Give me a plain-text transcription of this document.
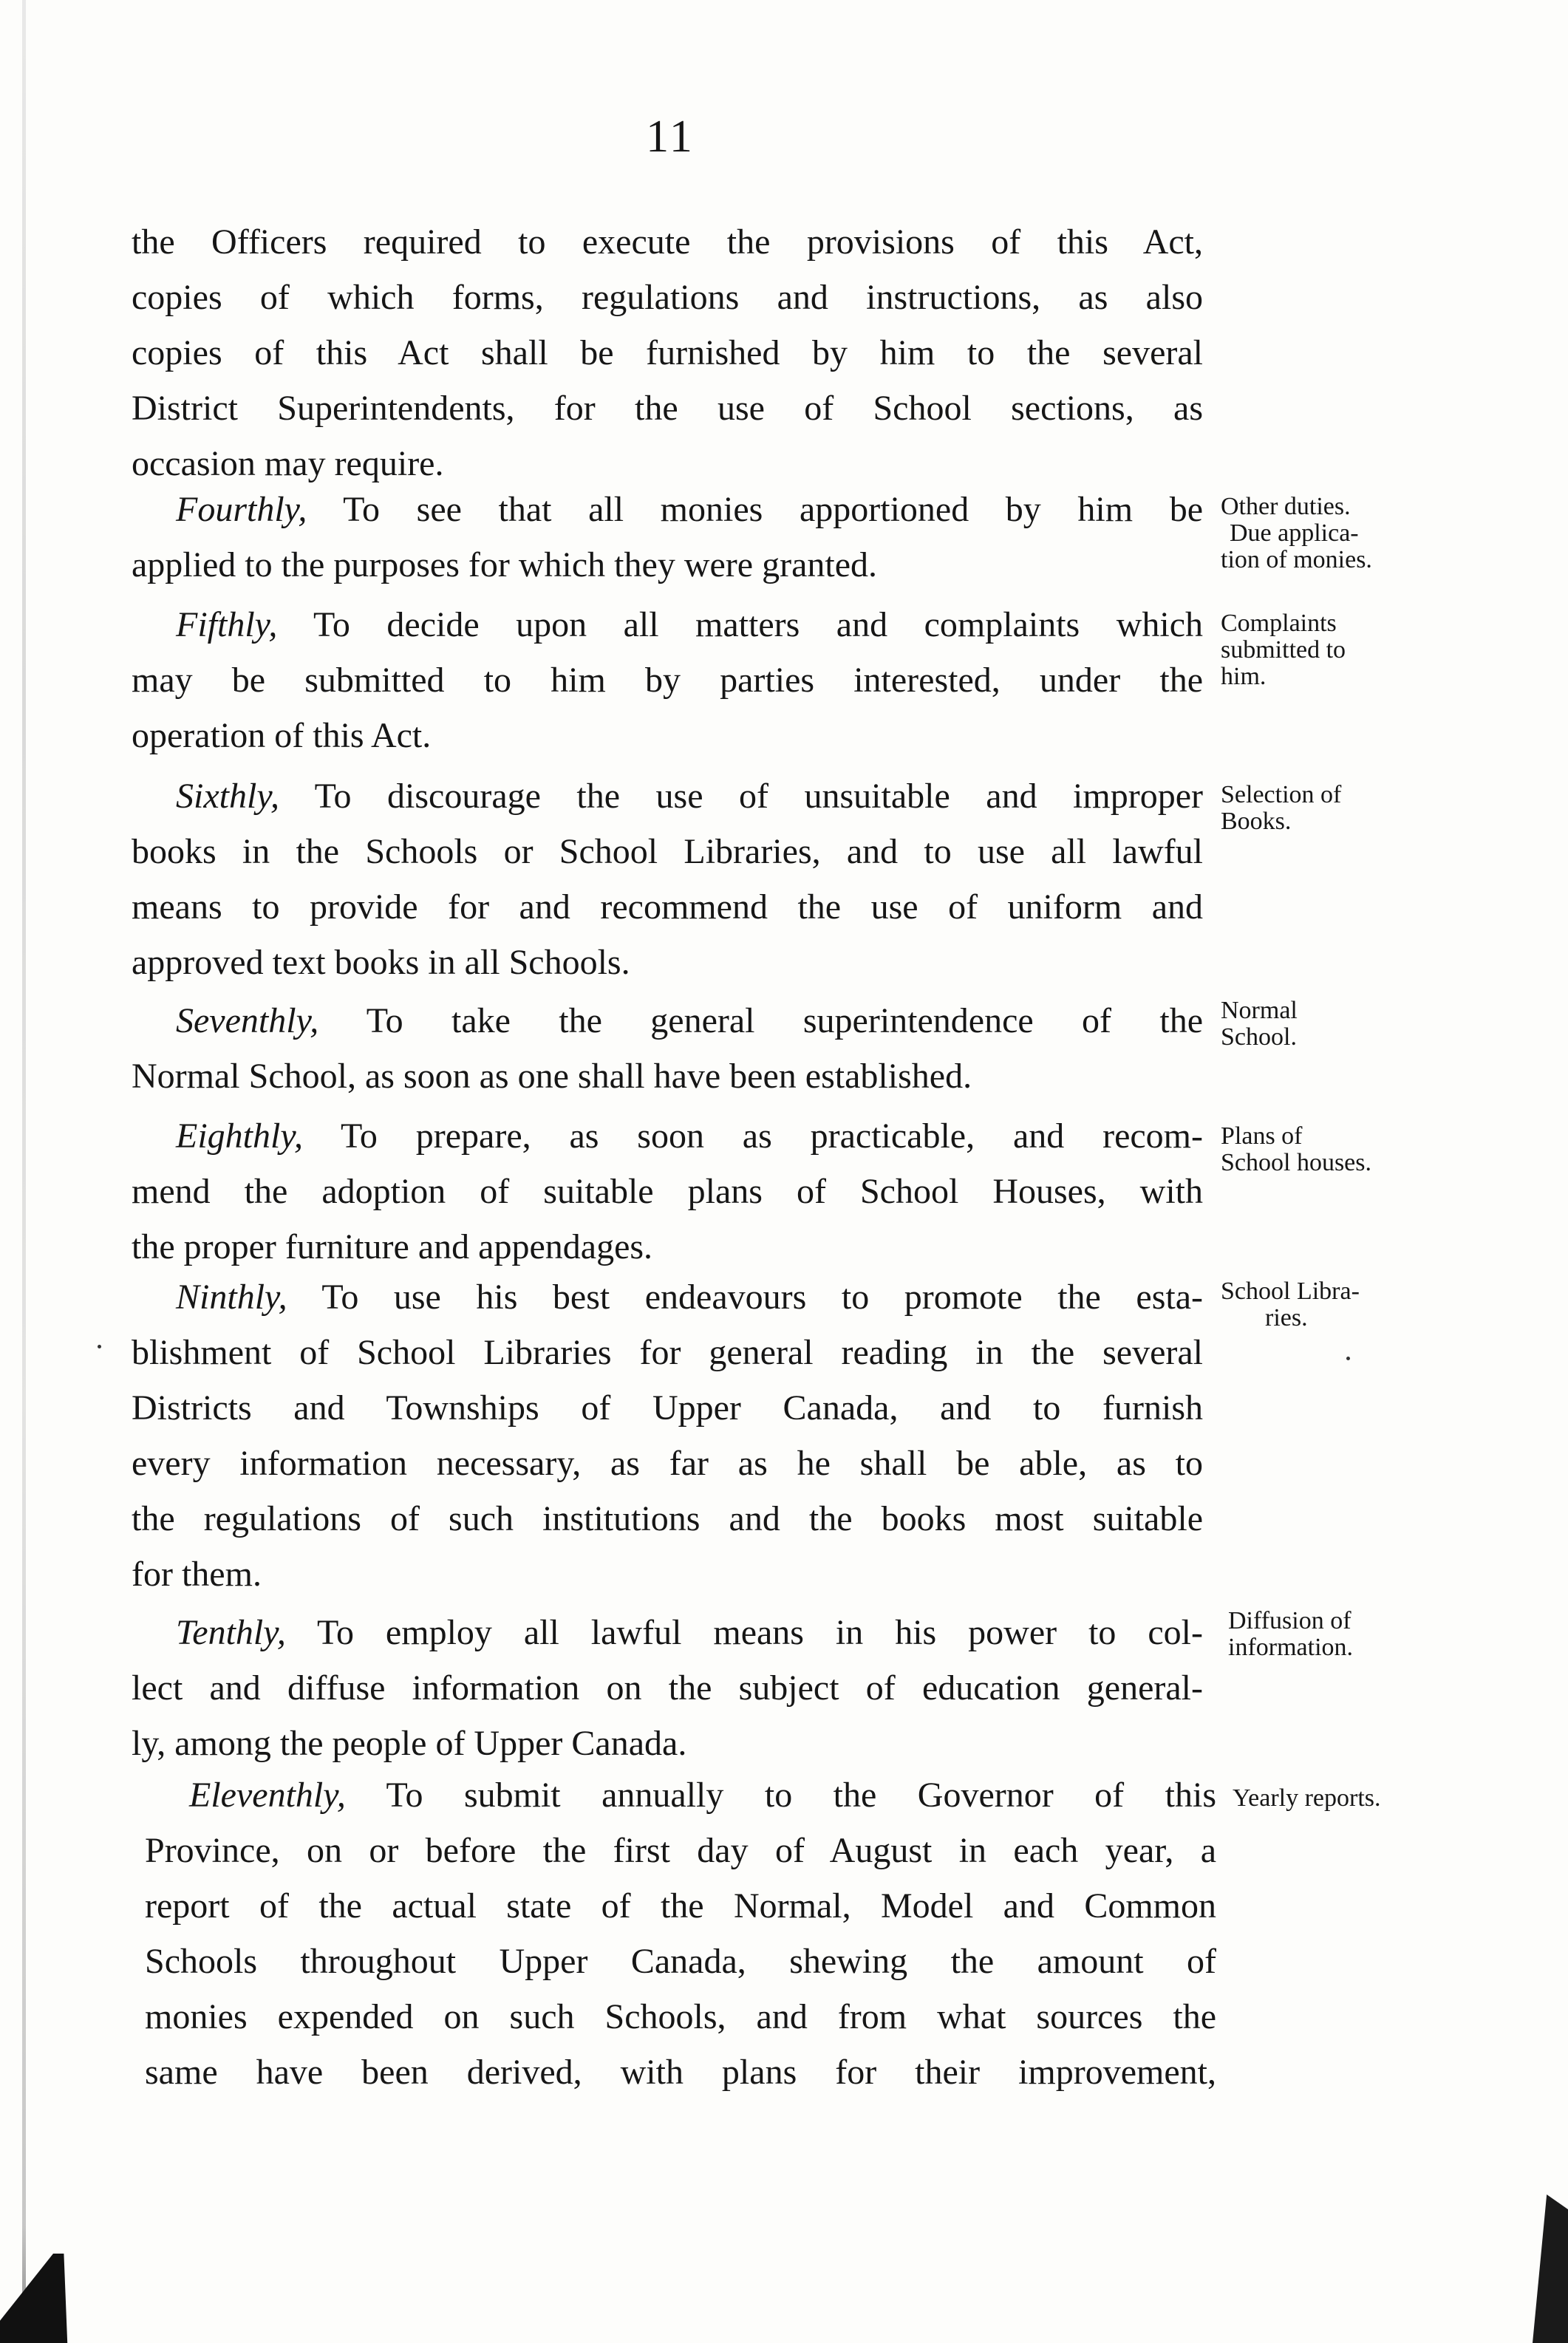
11
the Officers required to execute the provisions of this Act,
copies of which forms, regulations and instructions, as also
copies of this Act shall be furnished by him to the several
District Superintendents, for the use of School sections, as
occasion may require.
Fourthly, To see that all monies apportioned by him be
applied to the purposes for which they were granted.
Other duties.
Due applica-
tion of monies.
Fifthly, To decide upon all matters and complaints which
may be submitted to him by parties interested, under the
operation of this Act.
Complaints
submitted to
him.
Sixthly, To discourage the use of unsuitable and improper
books in the Schools or School Libraries, and to use all lawful
means to provide for and recommend the use of uniform and
approved text books in all Schools.
Selection of
Books.
Seventhly, To take the general superintendence of the
Normal School, as soon as one shall have been established.
Normal
School.
Eighthly, To prepare, as soon as practicable, and recom-
mend the adoption of suitable plans of School Houses, with
the proper furniture and appendages.
Plans of
School houses.
Ninthly, To use his best endeavours to promote the esta-
blishment of School Libraries for general reading in the several
Districts and Townships of Upper Canada, and to furnish
every information necessary, as far as he shall be able, as to
the regulations of such institutions and the books most suitable
for them.
School Libra-
ries.
Tenthly, To employ all lawful means in his power to col-
lect and diffuse information on the subject of education general-
ly, among the people of Upper Canada.
Diffusion of
information.
Eleventhly, To submit annually to the Governor of this
Province, on or before the first day of August in each year, a
report of the actual state of the Normal, Model and Common
Schools throughout Upper Canada, shewing the amount of
monies expended on such Schools, and from what sources the
same have been derived, with plans for their improvement,
Yearly reports.
